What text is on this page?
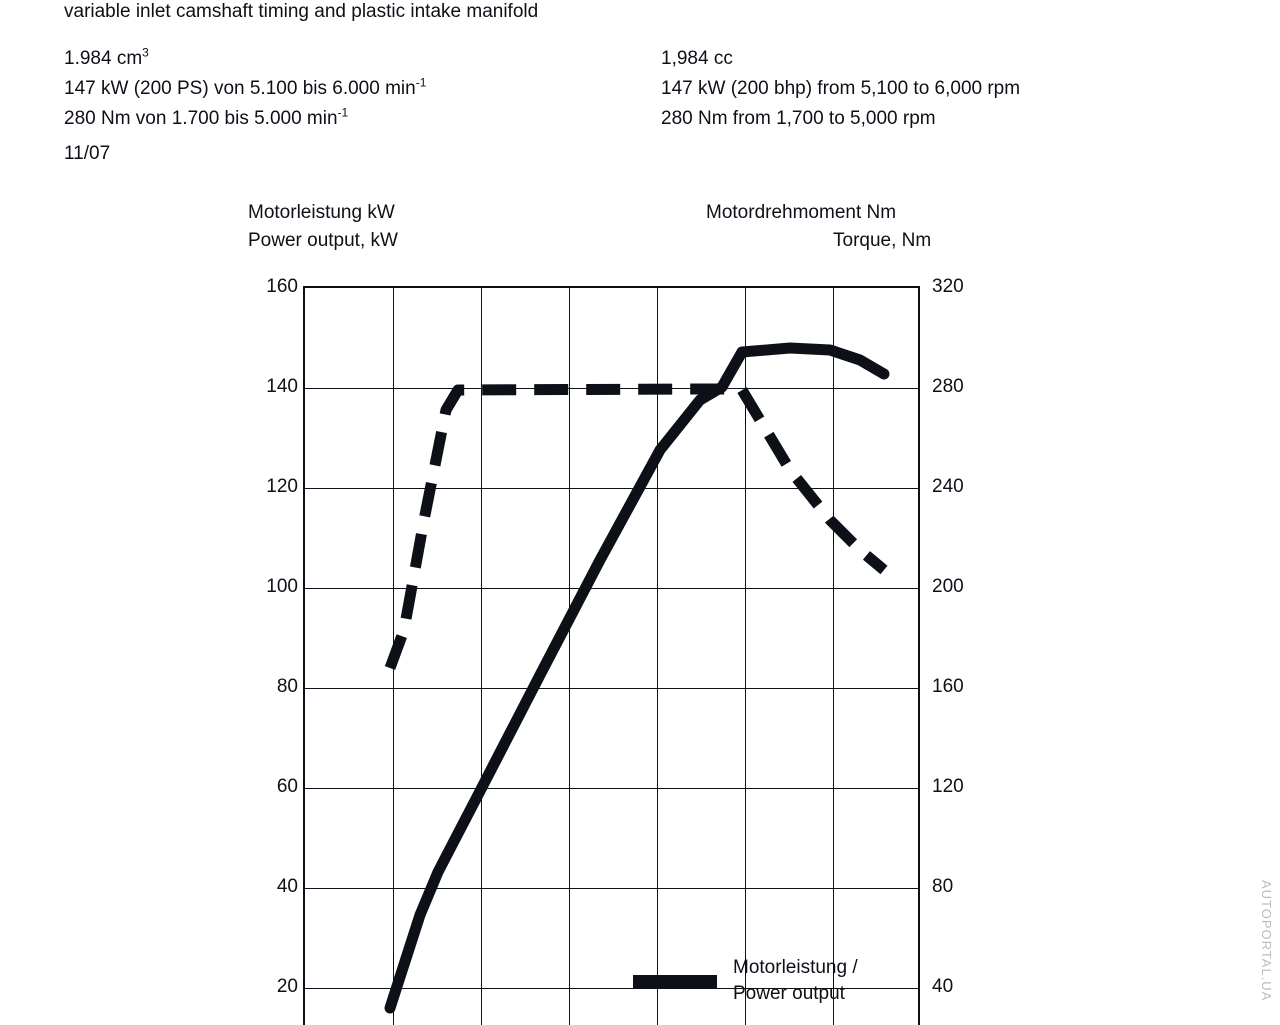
variable inlet camshaft timing and plastic intake manifold
1.984 $cm^3$
147 kW (200 PS) von 5.100 bis 6.000 $\min^{-1}$
280 Nm von 1.700 bis 5.000 $\min^{-1}$
1,984 cc
147 kW (200 bhp) from 5,100 to 6,000 rpm
280 Nm from 1,700 to 5,000 rpm
11/07
Motorleistung kW
Power output, kW
Motordrehmoment Nm
Torque, Nm
160
140
120
100
80
60
40
20
320
280
240
200
160
120
80
40
Motorleistung /
Power output	AUTOPORTAL.UA
